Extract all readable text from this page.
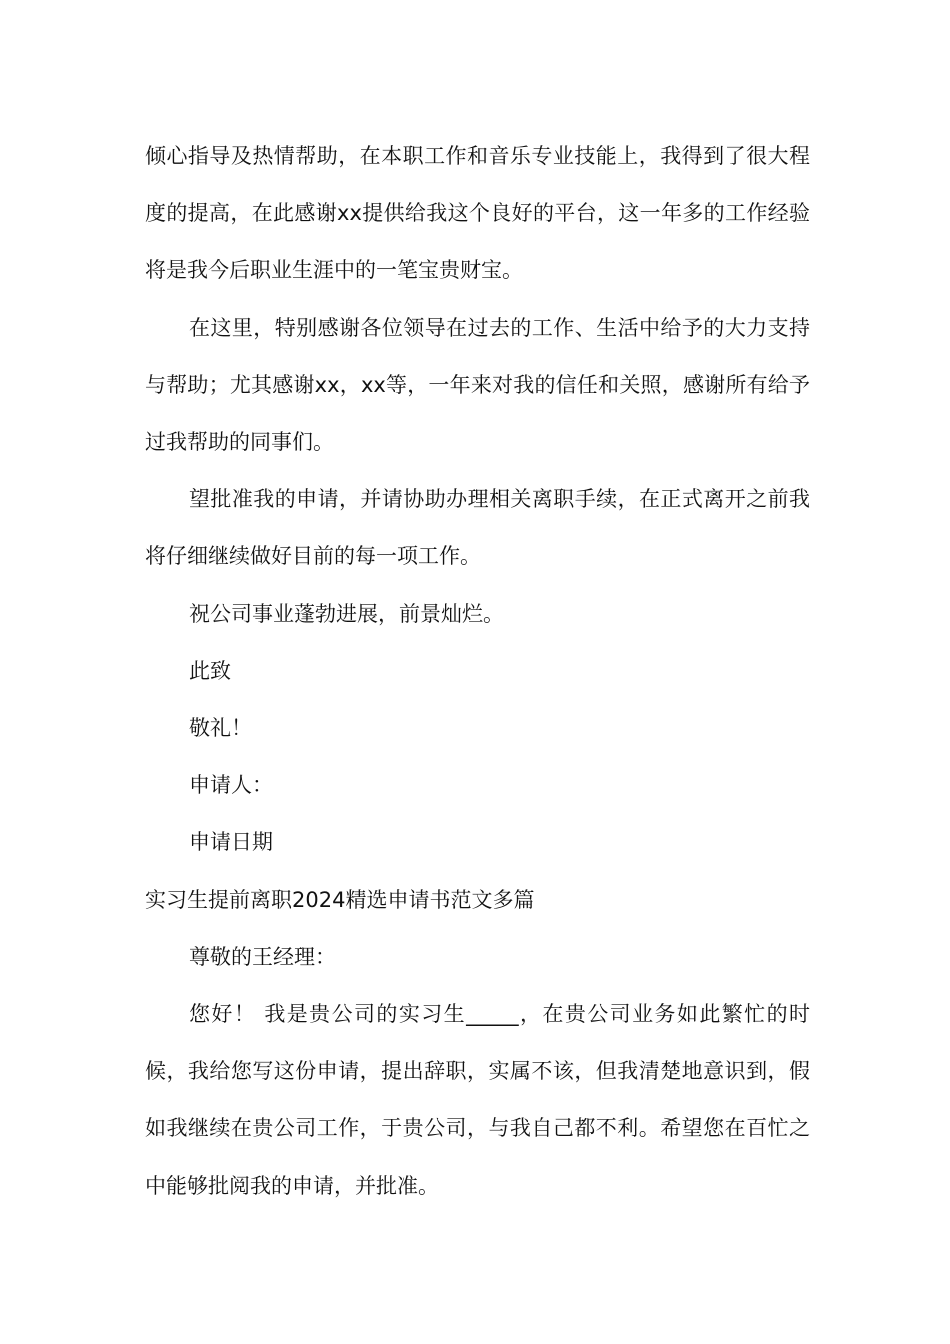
倾心指导及热情帮助，在本职工作和音乐专业技能上，我得到了很大程度的提高，在此感谢xx提供给我这个良好的平台，这一年多的工作经验将是我今后职业生涯中的一笔宝贵财宝。

在这里，特别感谢各位领导在过去的工作、生活中给予的大力支持与帮助；尤其感谢xx，xx等，一年来对我的信任和关照，感谢所有给予过我帮助的同事们。

望批准我的申请，并请协助办理相关离职手续，在正式离开之前我将仔细继续做好目前的每一项工作。

祝公司事业蓬勃进展，前景灿烂。

此致

敬礼！

申请人：

申请日期

实习生提前离职2024精选申请书范文多篇

尊敬的王经理：

您好！ 我是贵公司的实习生_____，在贵公司业务如此繁忙的时候，我给您写这份申请，提出辞职，实属不该，但我清楚地意识到，假如我继续在贵公司工作，于贵公司，与我自己都不利。希望您在百忙之中能够批阅我的申请，并批准。
